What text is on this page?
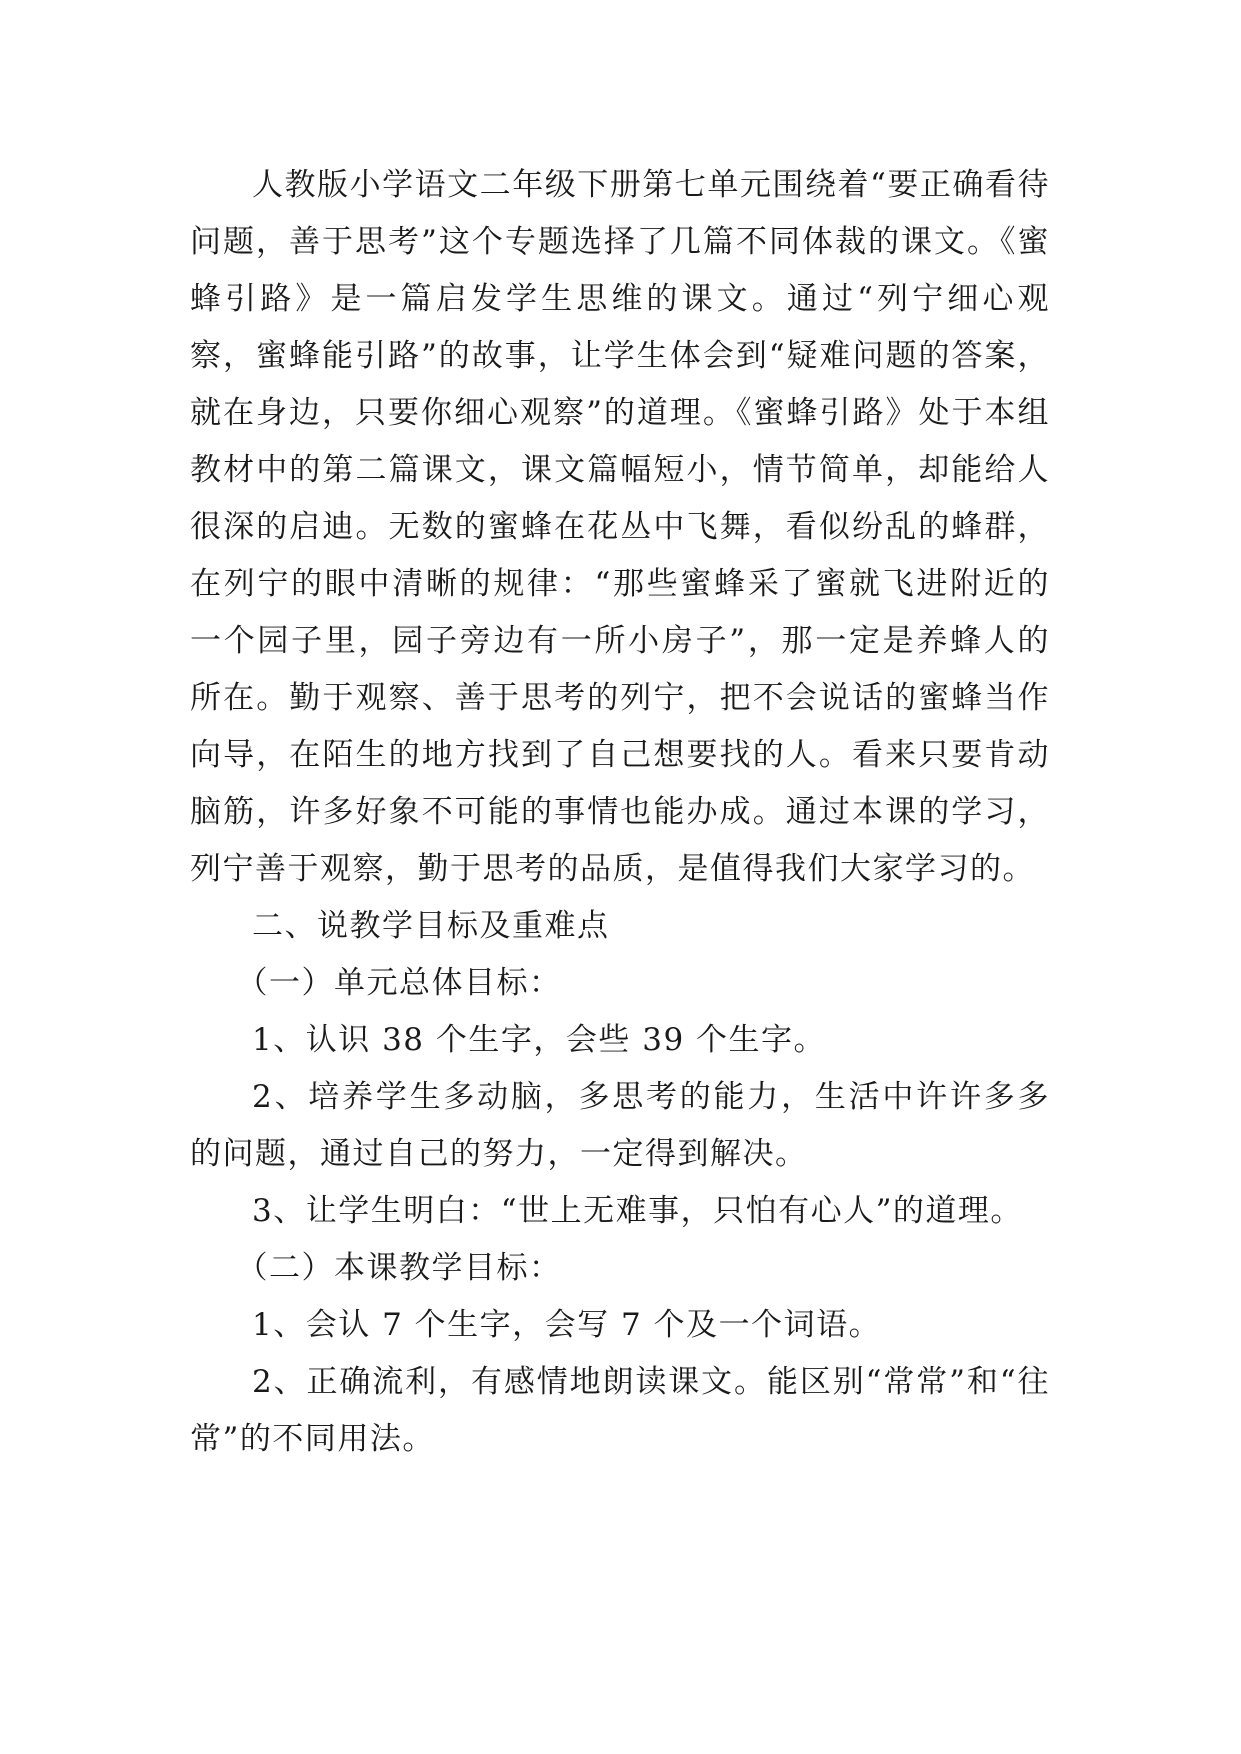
人教版小学语文二年级下册第七单元围绕着“要正确看待问题，善于思考”这个专题选择了几篇不同体裁的课文。《蜜蜂引路》是一篇启发学生思维的课文。通过“列宁细心观察，蜜蜂能引路”的故事，让学生体会到“疑难问题的答案，就在身边，只要你细心观察”的道理。《蜜蜂引路》处于本组教材中的第二篇课文，课文篇幅短小，情节简单，却能给人很深的启迪。无数的蜜蜂在花丛中飞舞，看似纷乱的蜂群，在列宁的眼中清晰的规律：“那些蜜蜂采了蜜就飞进附近的一个园子里，园子旁边有一所小房子”，那一定是养蜂人的所在。勤于观察、善于思考的列宁，把不会说话的蜜蜂当作向导，在陌生的地方找到了自己想要找的人。看来只要肯动脑筋，许多好象不可能的事情也能办成。通过本课的学习，列宁善于观察，勤于思考的品质，是值得我们大家学习的。

二、说教学目标及重难点

（一）单元总体目标：

1、认识 38 个生字，会些 39 个生字。

2、培养学生多动脑，多思考的能力，生活中许许多多的问题，通过自己的努力，一定得到解决。

3、让学生明白：“世上无难事，只怕有心人”的道理。

（二）本课教学目标：

1、会认 7 个生字，会写 7 个及一个词语。

2、正确流利，有感情地朗读课文。能区别“常常”和“往常”的不同用法。
